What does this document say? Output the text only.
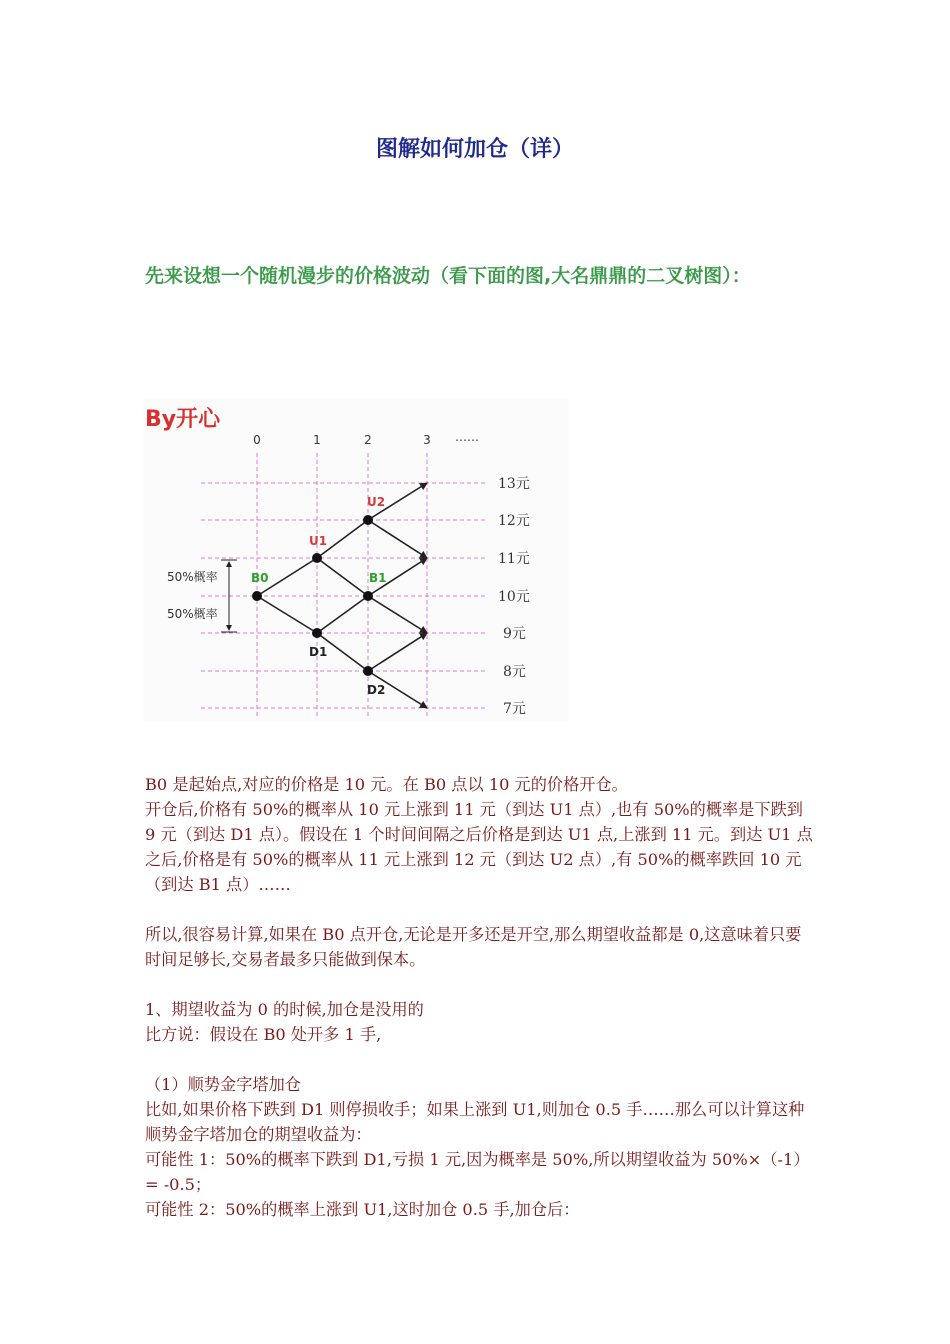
图解如何加仓（详）
先来设想一个随机漫步的价格波动（看下面的图,大名鼎鼎的二叉树图）：
By开心
0	1	2	3 ……
13元
12元
11元
10元
9元
8元
7元
B0
U1
D1
U2
B1
D2
50%概率
50%概率

B0 是起始点,对应的价格是 10 元。在 B0 点以 10 元的价格开仓。

开仓后,价格有 50%的概率从 10 元上涨到 11 元（到达 U1 点）,也有 50%的概率是下跌到 9 元（到达 D1 点）。假设在 1 个时间间隔之后价格是到达 U1 点,上涨到 11 元。到达 U1 点之后,价格是有 50%的概率从 11 元上涨到 12 元（到达 U2 点）,有 50%的概率跌回 10 元（到达 B1 点）……

所以,很容易计算,如果在 B0 点开仓,无论是开多还是开空,那么期望收益都是 0,这意味着只要时间足够长,交易者最多只能做到保本。

1、期望收益为 0 的时候,加仓是没用的

比方说：假设在 B0 处开多 1 手,

（1）顺势金字塔加仓

比如,如果价格下跌到 D1 则停损收手；如果上涨到 U1,则加仓 0.5 手……那么可以计算这种顺势金字塔加仓的期望收益为：

可能性 1：50%的概率下跌到 D1,亏损 1 元,因为概率是 50%,所以期望收益为 50%×（-1）= -0.5；

可能性 2：50%的概率上涨到 U1,这时加仓 0.5 手,加仓后：
